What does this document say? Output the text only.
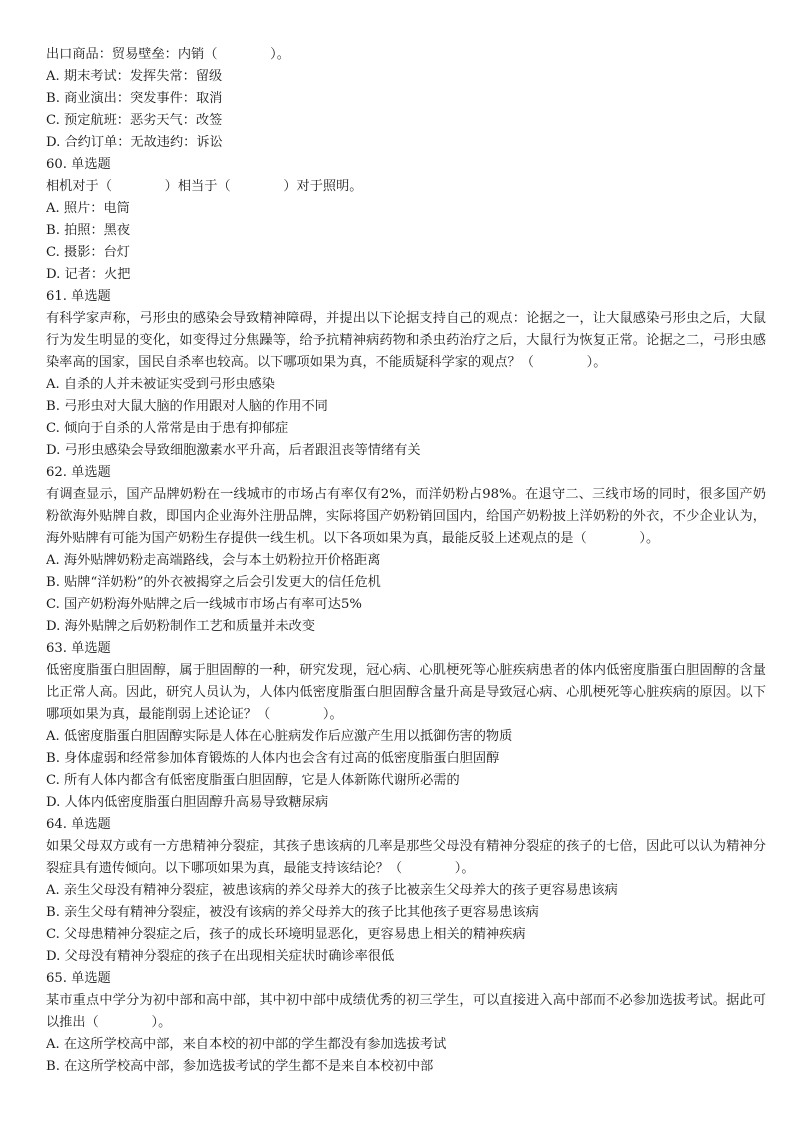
出口商品：贸易壁垒：内销（　　　　）。
A. 期末考试：发挥失常：留级
B. 商业演出：突发事件：取消
C. 预定航班：恶劣天气：改签
D. 合约订单：无故违约：诉讼
60. 单选题
相机对于（　　　　）相当于（　　　　）对于照明。
A. 照片：电筒
B. 拍照：黑夜
C. 摄影：台灯
D. 记者：火把
61. 单选题
有科学家声称，弓形虫的感染会导致精神障碍，并提出以下论据支持自己的观点：论据之一，让大鼠感染弓形虫之后，大鼠行为发生明显的变化，如变得过分焦躁等，给予抗精神病药物和杀虫药治疗之后，大鼠行为恢复正常。论据之二，弓形虫感染率高的国家，国民自杀率也较高。以下哪项如果为真，不能质疑科学家的观点？（　　　　）。
A. 自杀的人并未被证实受到弓形虫感染
B. 弓形虫对大鼠大脑的作用跟对人脑的作用不同
C. 倾向于自杀的人常常是由于患有抑郁症
D. 弓形虫感染会导致细胞激素水平升高，后者跟沮丧等情绪有关
62. 单选题
有调查显示，国产品牌奶粉在一线城市的市场占有率仅有2%，而洋奶粉占98%。在退守二、三线市场的同时，很多国产奶粉欲海外贴牌自救，即国内企业海外注册品牌，实际将国产奶粉销回国内，给国产奶粉披上洋奶粉的外衣，不少企业认为，海外贴牌有可能为国产奶粉生存提供一线生机。以下各项如果为真，最能反驳上述观点的是（　　　　）。
A. 海外贴牌奶粉走高端路线，会与本土奶粉拉开价格距离
B. 贴牌“洋奶粉”的外衣被揭穿之后会引发更大的信任危机
C. 国产奶粉海外贴牌之后一线城市市场占有率可达5%
D. 海外贴牌之后奶粉制作工艺和质量并未改变
63. 单选题
低密度脂蛋白胆固醇，属于胆固醇的一种，研究发现，冠心病、心肌梗死等心脏疾病患者的体内低密度脂蛋白胆固醇的含量比正常人高。因此，研究人员认为，人体内低密度脂蛋白胆固醇含量升高是导致冠心病、心肌梗死等心脏疾病的原因。以下哪项如果为真，最能削弱上述论证？（　　　　）。
A. 低密度脂蛋白胆固醇实际是人体在心脏病发作后应激产生用以抵御伤害的物质
B. 身体虚弱和经常参加体育锻炼的人体内也会含有过高的低密度脂蛋白胆固醇
C. 所有人体内都含有低密度脂蛋白胆固醇，它是人体新陈代谢所必需的
D. 人体内低密度脂蛋白胆固醇升高易导致糖尿病
64. 单选题
如果父母双方或有一方患精神分裂症，其孩子患该病的几率是那些父母没有精神分裂症的孩子的七倍，因此可以认为精神分裂症具有遗传倾向。以下哪项如果为真，最能支持该结论？（　　　　）。
A. 亲生父母没有精神分裂症，被患该病的养父母养大的孩子比被亲生父母养大的孩子更容易患该病
B. 亲生父母有精神分裂症，被没有该病的养父母养大的孩子比其他孩子更容易患该病
C. 父母患精神分裂症之后，孩子的成长环境明显恶化，更容易患上相关的精神疾病
D. 父母没有精神分裂症的孩子在出现相关症状时确诊率很低
65. 单选题
某市重点中学分为初中部和高中部，其中初中部中成绩优秀的初三学生，可以直接进入高中部而不必参加选拔考试。据此可以推出（　　　　）。
A. 在这所学校高中部，来自本校的初中部的学生都没有参加选拔考试
B. 在这所学校高中部，参加选拔考试的学生都不是来自本校初中部
